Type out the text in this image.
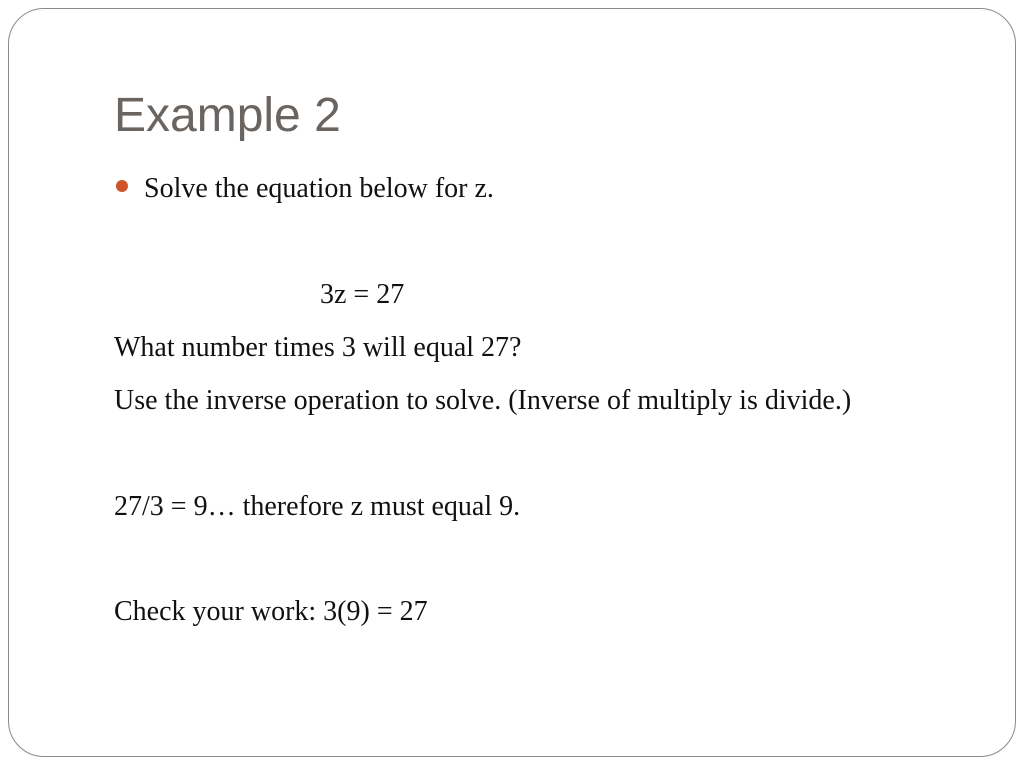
Example 2
Solve the equation below for z.
3z = 27
What number times 3 will equal 27?
Use the inverse operation to solve. (Inverse of multiply is divide.)
27/3 = 9… therefore z must equal 9.
Check your work: 3(9) = 27
